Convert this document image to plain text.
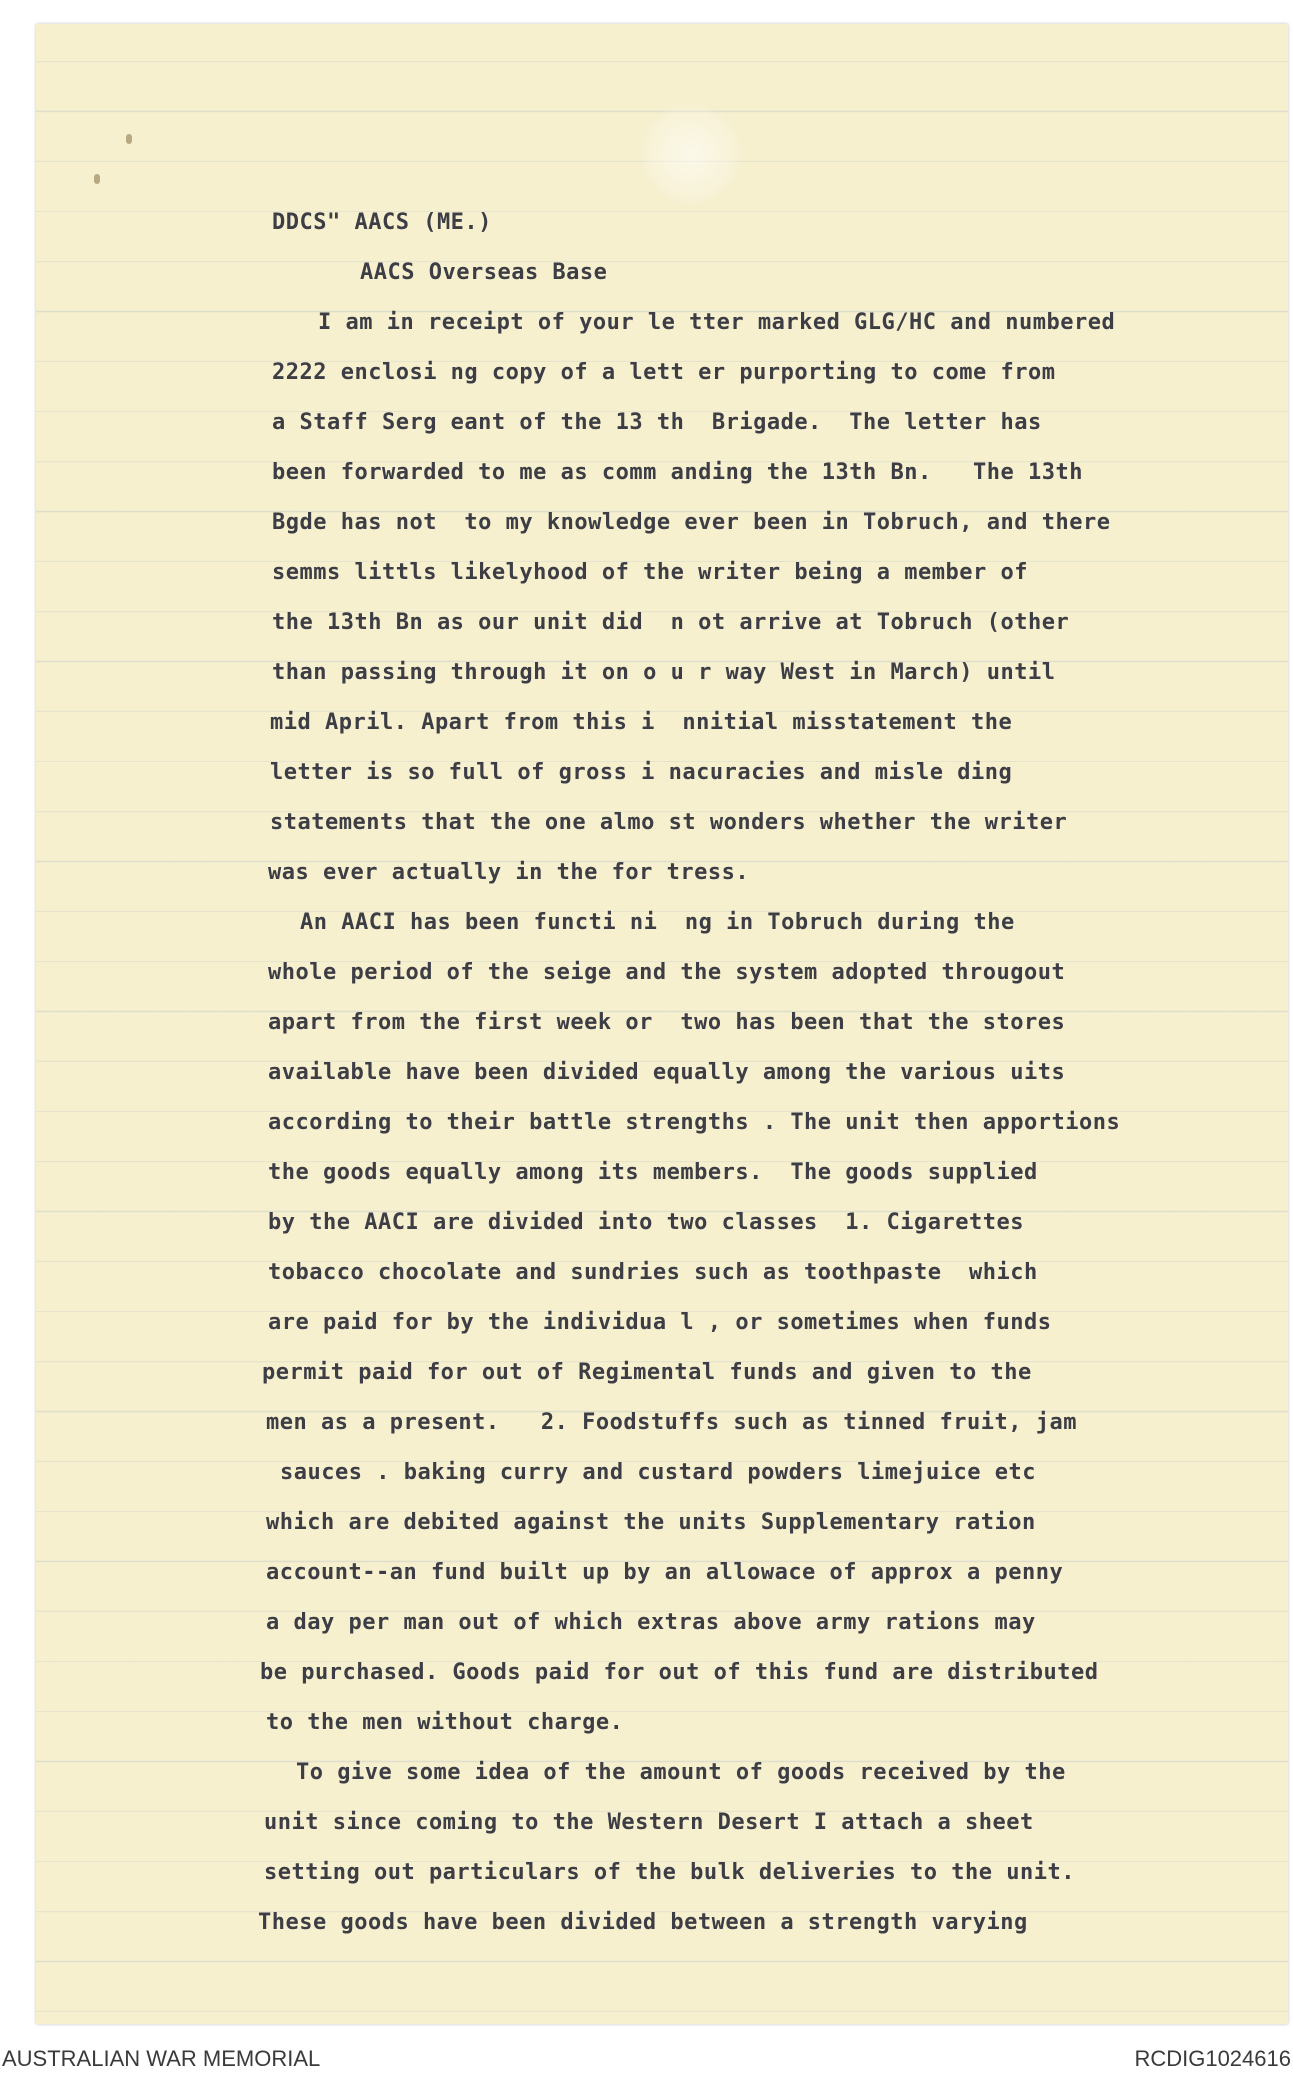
DDCS" AACS (ME.)
AACS Overseas Base
I am in receipt of your le tter marked GLG/HC and numbered
2222 enclosi ng copy of a lett er purporting to come from
a Staff Serg eant of the 13 th  Brigade.  The letter has
been forwarded to me as comm anding the 13th Bn.   The 13th
Bgde has not  to my knowledge ever been in Tobruch, and there
semms littls likelyhood of the writer being a member of
the 13th Bn as our unit did  n ot arrive at Tobruch (other
than passing through it on o u r way West in March) until
mid April. Apart from this i  nnitial misstatement the
letter is so full of gross i nacuracies and misle ding
statements that the one almo st wonders whether the writer
was ever actually in the for tress.
An AACI has been functi ni  ng in Tobruch during the
whole period of the seige and the system adopted througout
apart from the first week or  two has been that the stores
available have been divided equally among the various uits
according to their battle strengths . The unit then apportions
the goods equally among its members.  The goods supplied
by the AACI are divided into two classes  1. Cigarettes
tobacco chocolate and sundries such as toothpaste  which
are paid for by the individua l , or sometimes when funds
permit paid for out of Regimental funds and given to the
men as a present.   2. Foodstuffs such as tinned fruit, jam
sauces . baking curry and custard powders limejuice etc
which are debited against the units Supplementary ration
account--an fund built up by an allowace of approx a penny
a day per man out of which extras above army rations may
be purchased. Goods paid for out of this fund are distributed
to the men without charge.
To give some idea of the amount of goods received by the
unit since coming to the Western Desert I attach a sheet
setting out particulars of the bulk deliveries to the unit.
These goods have been divided between a strength varying
AUSTRALIAN WAR MEMORIAL	RCDIG1024616
